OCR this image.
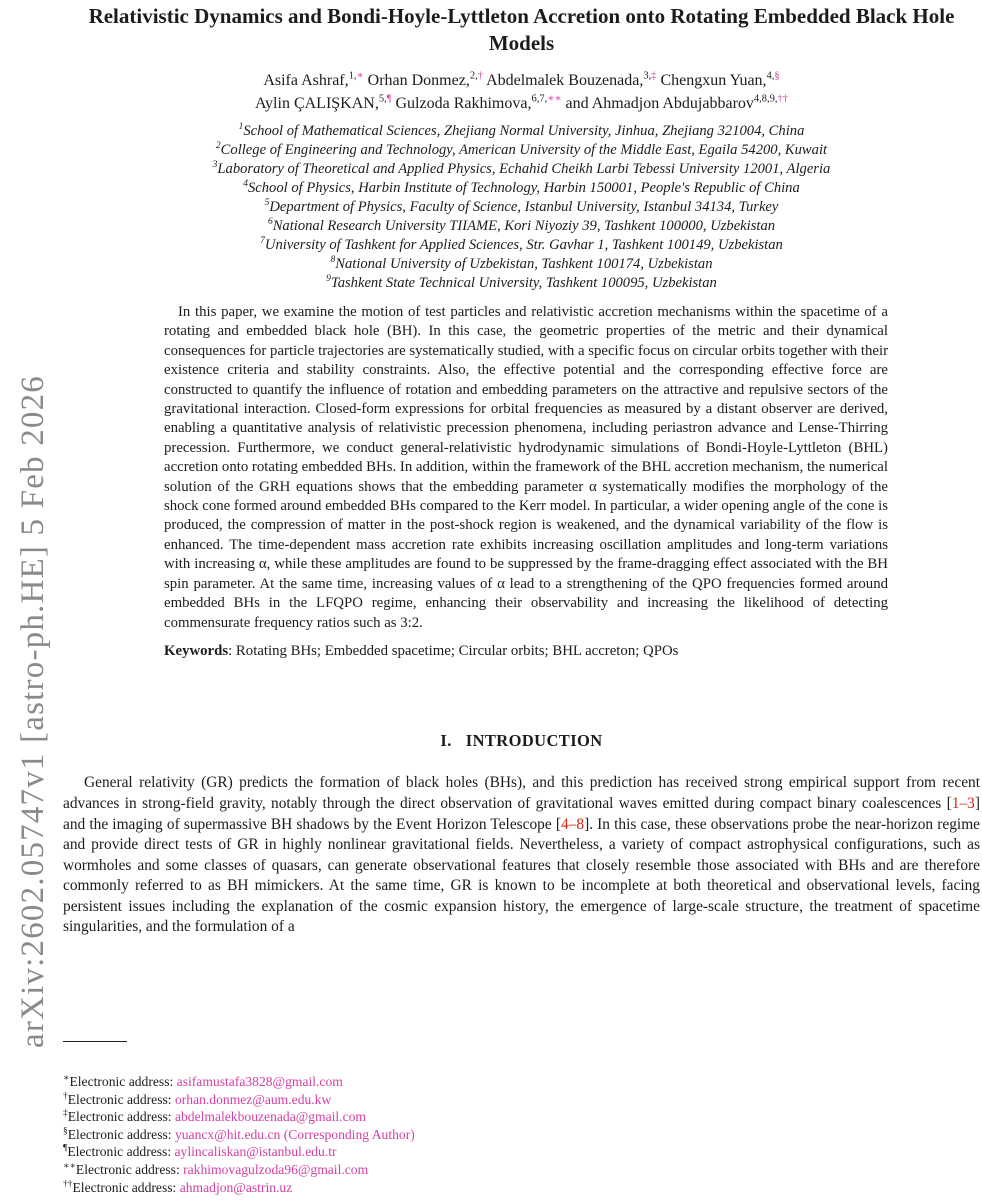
arXiv:2602.05747v1 [astro-ph.HE] 5 Feb 2026
Relativistic Dynamics and Bondi-Hoyle-Lyttleton Accretion onto Rotating Embedded Black Hole Models
Asifa Ashraf,$^{1,∗}$ Orhan Donmez,$^{2,\dagger}$ Abdelmalek Bouzenada,$^{3,\ddagger}$ Chengxun Yuan,$^{4,\S}$
Aylin ÇALIŞKAN,$^{5,\P}$ Gulzoda Rakhimova,$^{6,7,∗∗}$ and Ahmadjon Abdujabbarov$^{4,8,9,\dagger\dagger}$
$^1$School of Mathematical Sciences, Zhejiang Normal University, Jinhua, Zhejiang 321004, China
$^2$College of Engineering and Technology, American University of the Middle East, Egaila 54200, Kuwait
$^3$Laboratory of Theoretical and Applied Physics, Echahid Cheikh Larbi Tebessi University 12001, Algeria
$^4$School of Physics, Harbin Institute of Technology, Harbin 150001, People's Republic of China
$^5$Department of Physics, Faculty of Science, Istanbul University, Istanbul 34134, Turkey
$^6$National Research University TIIAME, Kori Niyoziy 39, Tashkent 100000, Uzbekistan
$^7$University of Tashkent for Applied Sciences, Str. Gavhar 1, Tashkent 100149, Uzbekistan
$^8$National University of Uzbekistan, Tashkent 100174, Uzbekistan
$^9$Tashkent State Technical University, Tashkent 100095, Uzbekistan
In this paper, we examine the motion of test particles and relativistic accretion mechanisms within the spacetime of a rotating and embedded black hole (BH). In this case, the geometric properties of the metric and their dynamical consequences for particle trajectories are systematically studied, with a specific focus on circular orbits together with their existence criteria and stability constraints. Also, the effective potential and the corresponding effective force are constructed to quantify the influence of rotation and embedding parameters on the attractive and repulsive sectors of the gravitational interaction. Closed-form expressions for orbital frequencies as measured by a distant observer are derived, enabling a quantitative analysis of relativistic precession phenomena, including periastron advance and Lense-Thirring precession. Furthermore, we conduct general-relativistic hydrodynamic simulations of Bondi-Hoyle-Lyttleton (BHL) accretion onto rotating embedded BHs. In addition, within the framework of the BHL accretion mechanism, the numerical solution of the GRH equations shows that the embedding parameter α systematically modifies the morphology of the shock cone formed around embedded BHs compared to the Kerr model. In particular, a wider opening angle of the cone is produced, the compression of matter in the post-shock region is weakened, and the dynamical variability of the flow is enhanced. The time-dependent mass accretion rate exhibits increasing oscillation amplitudes and long-term variations with increasing α, while these amplitudes are found to be suppressed by the frame-dragging effect associated with the BH spin parameter. At the same time, increasing values of α lead to a strengthening of the QPO frequencies formed around embedded BHs in the LFQPO regime, enhancing their observability and increasing the likelihood of detecting commensurate frequency ratios such as 3:2.
Keywords: Rotating BHs; Embedded spacetime; Circular orbits; BHL accreton; QPOs
I. INTRODUCTION
General relativity (GR) predicts the formation of black holes (BHs), and this prediction has received strong empirical support from recent advances in strong-field gravity, notably through the direct observation of gravitational waves emitted during compact binary coalescences [1–3] and the imaging of supermassive BH shadows by the Event Horizon Telescope [4–8]. In this case, these observations probe the near-horizon regime and provide direct tests of GR in highly nonlinear gravitational fields. Nevertheless, a variety of compact astrophysical configurations, such as wormholes and some classes of quasars, can generate observational features that closely resemble those associated with BHs and are therefore commonly referred to as BH mimickers. At the same time, GR is known to be incomplete at both theoretical and observational levels, facing persistent issues including the explanation of the cosmic expansion history, the emergence of large-scale structure, the treatment of spacetime singularities, and the formulation of a
∗Electronic address: asifamustafa3828@gmail.com
†Electronic address: orhan.donmez@aum.edu.kw
‡Electronic address: abdelmalekbouzenada@gmail.com
§Electronic address: yuancx@hit.edu.cn (Corresponding Author)
¶Electronic address: aylincaliskan@istanbul.edu.tr
∗∗Electronic address: rakhimovagulzoda96@gmail.com
††Electronic address: ahmadjon@astrin.uz
